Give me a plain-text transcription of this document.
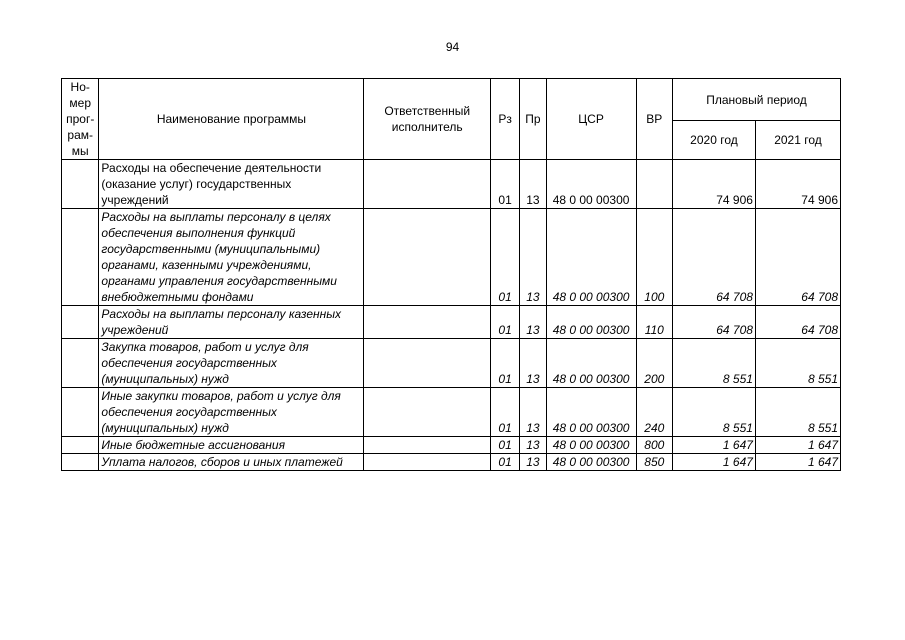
94
Но-мер прог-рам-мы	Наименование программы	Ответственный исполнитель	Рз	Пр	ЦСР	ВР	Плановый период	
							2020 год	2021 год
	Расходы на обеспечение деятельности (оказание услуг) государственных учреждений		01	13	48 0 00 00300		74 906	74 906
	Расходы на выплаты персоналу в целях обеспечения выполнения функций государственными (муниципальными) органами, казенными учреждениями, органами управления государственными внебюджетными фондами		01	13	48 0 00 00300	100	64 708	64 708
	Расходы на выплаты персоналу казенных учреждений		01	13	48 0 00 00300	110	64 708	64 708
	Закупка товаров, работ и услуг для обеспечения государственных (муниципальных) нужд		01	13	48 0 00 00300	200	8 551	8 551
	Иные закупки товаров, работ и услуг для обеспечения государственных (муниципальных) нужд		01	13	48 0 00 00300	240	8 551	8 551
	Иные бюджетные ассигнования		01	13	48 0 00 00300	800	1 647	1 647
	Уплата налогов, сборов и иных платежей		01	13	48 0 00 00300	850	1 647	1 647
